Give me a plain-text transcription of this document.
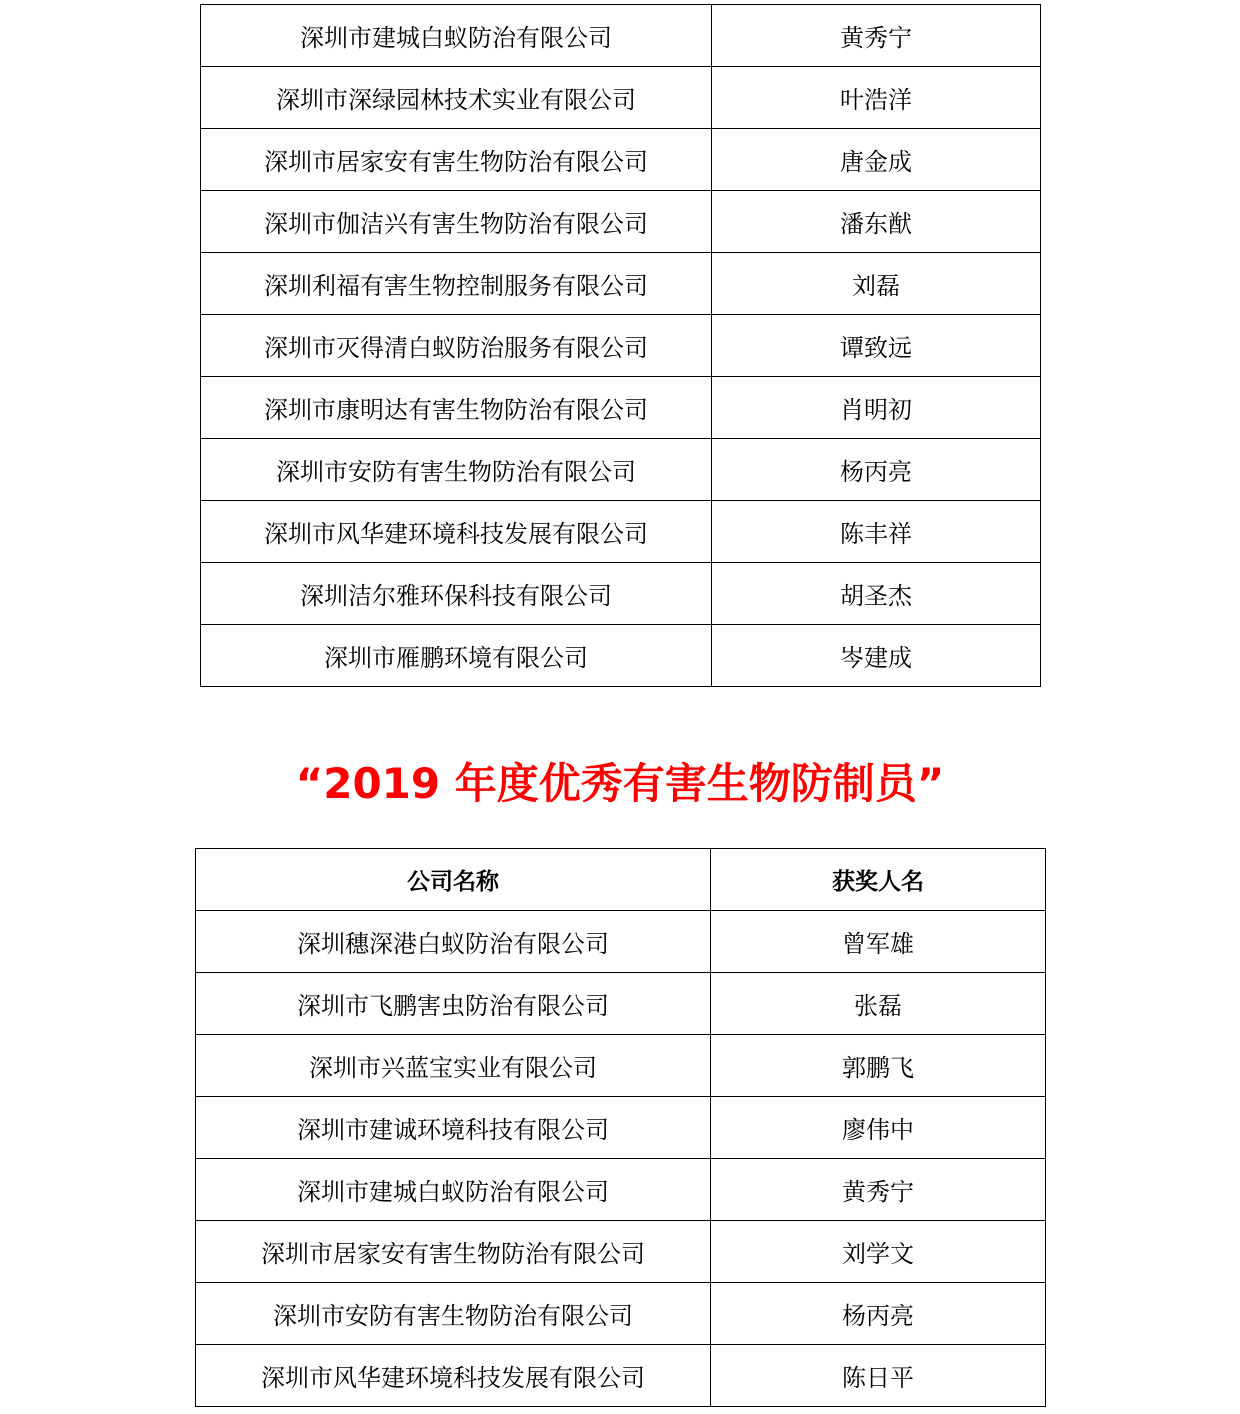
深圳市建城白蚁防治有限公司	黄秀宁
深圳市深绿园林技术实业有限公司	叶浩洋
深圳市居家安有害生物防治有限公司	唐金成
深圳市伽洁兴有害生物防治有限公司	潘东猷
深圳利福有害生物控制服务有限公司	刘磊
深圳市灭得清白蚁防治服务有限公司	谭致远
深圳市康明达有害生物防治有限公司	肖明初
深圳市安防有害生物防治有限公司	杨丙亮
深圳市风华建环境科技发展有限公司	陈丰祥
深圳洁尔雅环保科技有限公司	胡圣杰
深圳市雁鹏环境有限公司	岑建成
“2019 年度优秀有害生物防制员”
公司名称	获奖人名
深圳穗深港白蚁防治有限公司	曾军雄
深圳市飞鹏害虫防治有限公司	张磊
深圳市兴蓝宝实业有限公司	郭鹏飞
深圳市建诚环境科技有限公司	廖伟中
深圳市建城白蚁防治有限公司	黄秀宁
深圳市居家安有害生物防治有限公司	刘学文
深圳市安防有害生物防治有限公司	杨丙亮
深圳市风华建环境科技发展有限公司	陈日平
